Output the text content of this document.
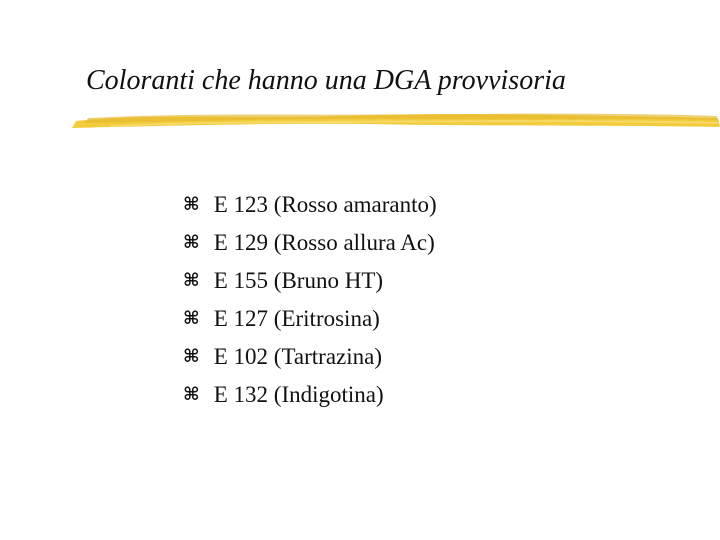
Coloranti che hanno una DGA provvisoria
⌘ E 123 (Rosso amaranto)
⌘ E 129 (Rosso allura Ac)
⌘ E 155 (Bruno HT)
⌘ E 127 (Eritrosina)
⌘ E 102 (Tartrazina)
⌘ E 132 (Indigotina)
